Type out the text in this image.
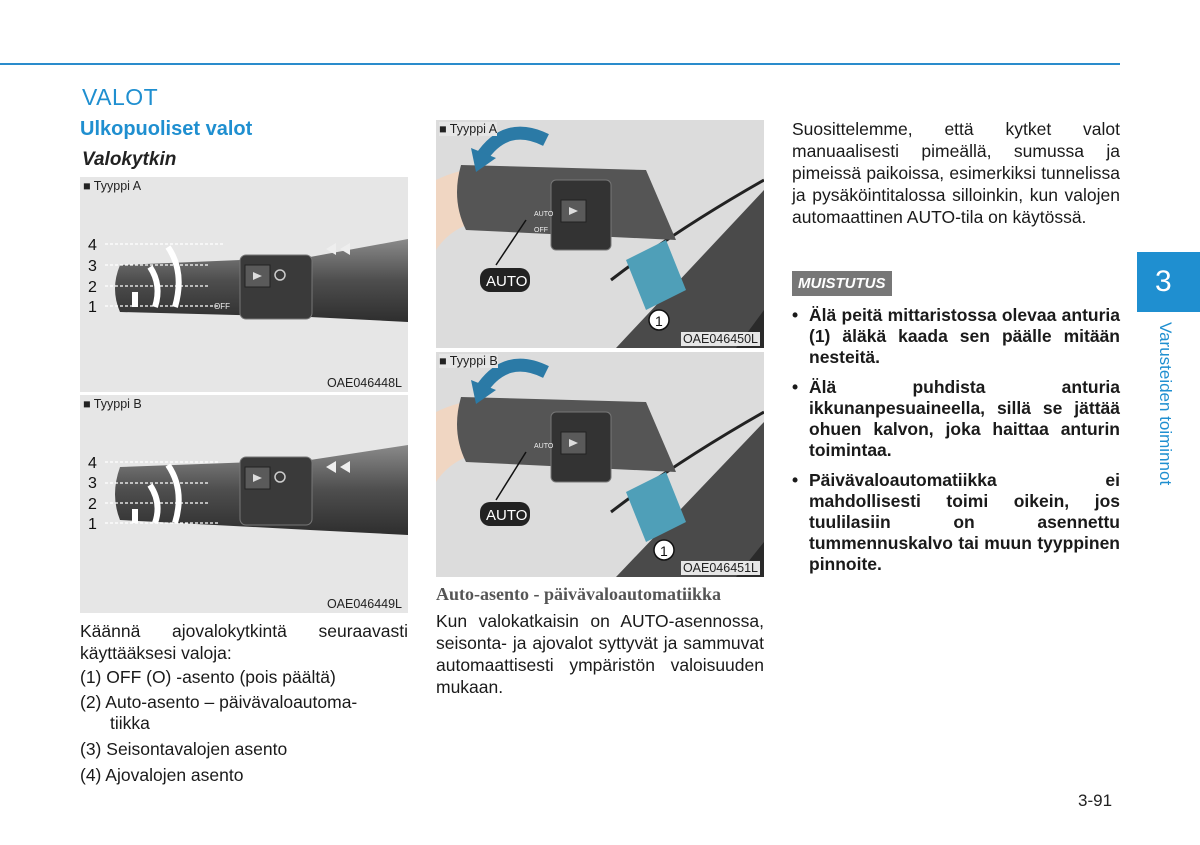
VALOT
Ulkopuoliset valot
Valokytkin
■ Tyyppi A
4
3
2
1	OFF
OAE046448L
■ Tyyppi B
4
3
2
1
OAE046449L
1
AUTO
AUTO
OFF
■ Tyyppi A
OAE046450L
1
AUTO
AUTO
■ Tyyppi B
OAE046451L
Käännä ajovalokytkintä seuraavasti käyttääksesi valoja:
(1) OFF (O) -asento (pois päältä)
(2) Auto-asento – päivävaloautoma-
tiikka
(3) Seisontavalojen asento
(4) Ajovalojen asento
Auto-asento - päivävaloautomatiikka
Kun valokatkaisin on AUTO-asennossa, seisonta- ja ajovalot syttyvät ja sammuvat automaattisesti ympäristön valoisuuden mukaan.
Suosittelemme, että kytket valot manuaalisesti pimeällä, sumussa ja pimeissä paikoissa, esimerkiksi tunnelissa ja pysäköintitalossa silloinkin, kun valojen automaattinen AUTO-tila on käytössä.
MUISTUTUS
• Älä peitä mittaristossa olevaa anturia (1) äläkä kaada sen päälle mitään nesteitä.
• Älä puhdista anturia ikkunanpesuaineella, sillä se jättää ohuen kalvon, joka haittaa anturin toimintaa.
• Päivävaloautomatiikka ei mahdollisesti toimi oikein, jos tuulilasiin on asennettu tummennuskalvo tai muun tyyppinen pinnoite.
3
Varusteiden toiminnot
3-91
